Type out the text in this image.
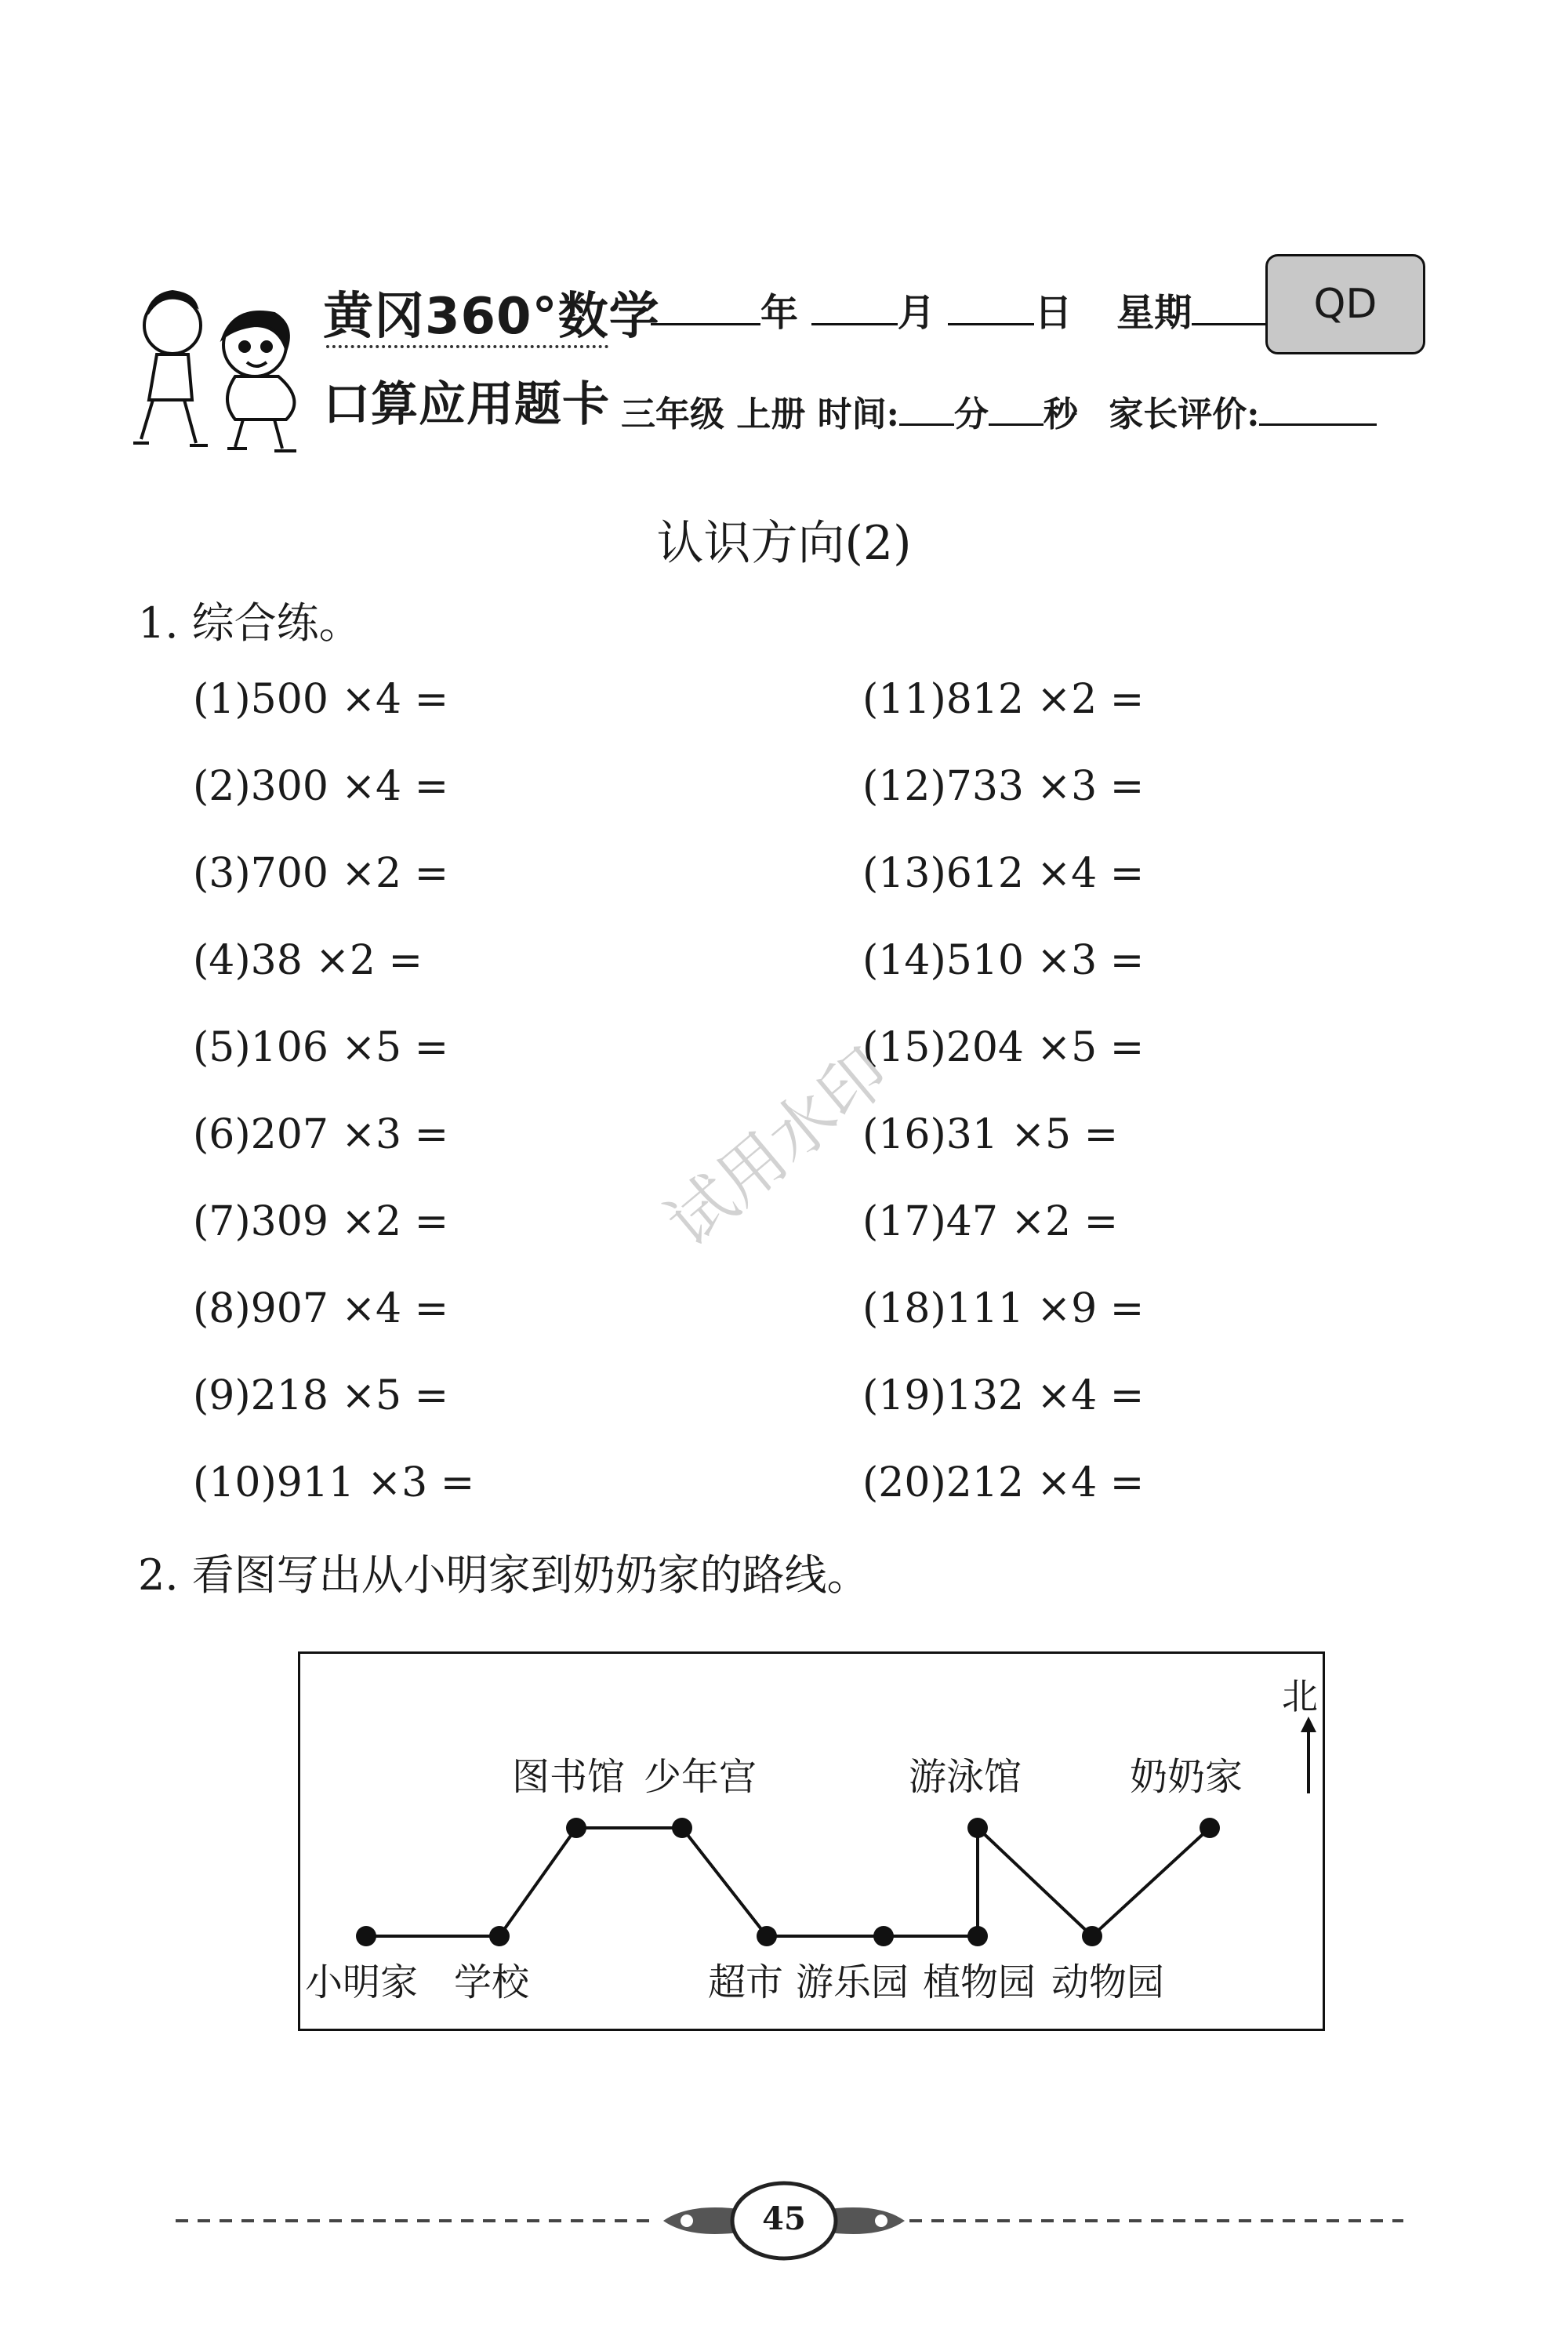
黄冈360°数学
口算应用题卡
年	月	日 星期	QD
三年级 上册 时间: 分 秒 家长评价:
认识方向(2)
1. 综合练。
(1)500 ×4 =
(2)300 ×4 =
(3)700 ×2 =
(4)38 ×2 =
(5)106 ×5 =
(6)207 ×3 =
(7)309 ×2 =
(8)907 ×4 =
(9)218 ×5 =
(10)911 ×3 =
(11)812 ×2 =
(12)733 ×3 =
(13)612 ×4 =
(14)510 ×3 =
(15)204 ×5 =
(16)31 ×5 =
(17)47 ×2 =
(18)111 ×9 =
(19)132 ×4 =
(20)212 ×4 =
试用水印
2. 看图写出从小明家到奶奶家的路线。
北
图书馆 少年宫	游泳馆	奶奶家
小明家 学校	超市 游乐园 植物园 动物园
45
